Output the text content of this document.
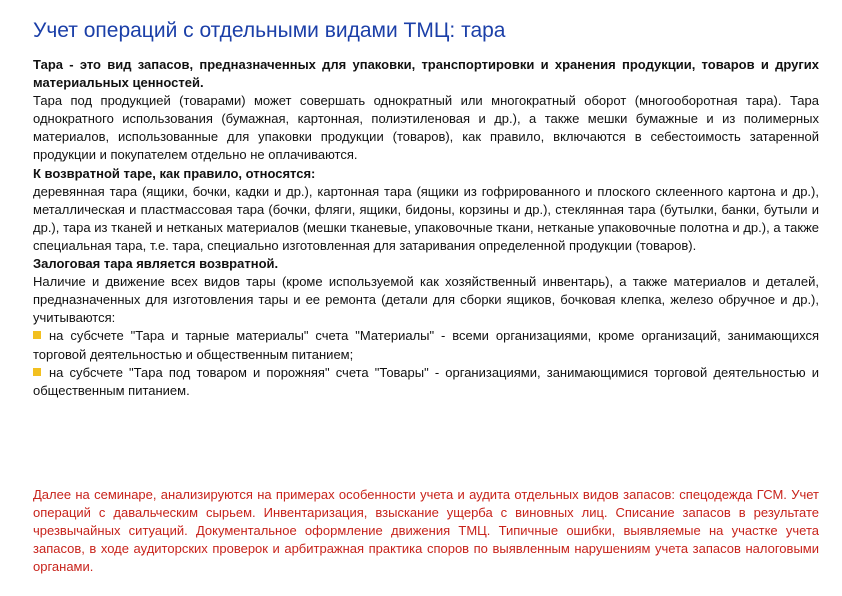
Учет операций с отдельными видами ТМЦ: тара

Тара - это вид запасов, предназначенных для упаковки, транспортировки и хранения продукции, товаров и других материальных ценностей.

Тара под продукцией (товарами) может совершать однократный или многократный оборот (многооборотная тара). Тара однократного использования (бумажная, картонная, полиэтиленовая и др.), а также мешки бумажные и из полимерных материалов, использованные для упаковки продукции (товаров), как правило, включаются в себестоимость затаренной продукции и покупателем отдельно не оплачиваются.

К возвратной таре, как правило, относятся:

деревянная тара (ящики, бочки, кадки и др.), картонная тара (ящики из гофрированного и плоского склеенного картона и др.), металлическая и пластмассовая тара (бочки, фляги, ящики, бидоны, корзины и др.), стеклянная тара (бутылки, банки, бутыли и др.), тара из тканей и нетканых материалов (мешки тканевые, упаковочные ткани, нетканые упаковочные полотна и др.), а также специальная тара, т.е. тара, специально изготовленная для затаривания определенной продукции (товаров).

Залоговая тара является возвратной.

Наличие и движение всех видов тары (кроме используемой как хозяйственный инвентарь), а также материалов и деталей, предназначенных для изготовления тары и ее ремонта (детали для сборки ящиков, бочковая клепка, железо обручное и др.), учитываются:

на субсчете "Тара и тарные материалы" счета "Материалы" - всеми организациями, кроме организаций, занимающихся торговой деятельностью и общественным питанием;

на субсчете "Тара под товаром и порожняя" счета "Товары" - организациями, занимающимися торговой деятельностью и общественным питанием.

Далее на семинаре, анализируются на примерах особенности учета и аудита отдельных видов запасов: спецодежда ГСМ. Учет операций с давальческим сырьем. Инвентаризация, взыскание ущерба с виновных лиц. Списание запасов в результате чрезвычайных ситуаций. Документальное оформление движения ТМЦ. Типичные ошибки, выявляемые на участке учета запасов, в ходе аудиторских проверок и арбитражная практика споров по выявленным нарушениям учета запасов налоговыми органами.
